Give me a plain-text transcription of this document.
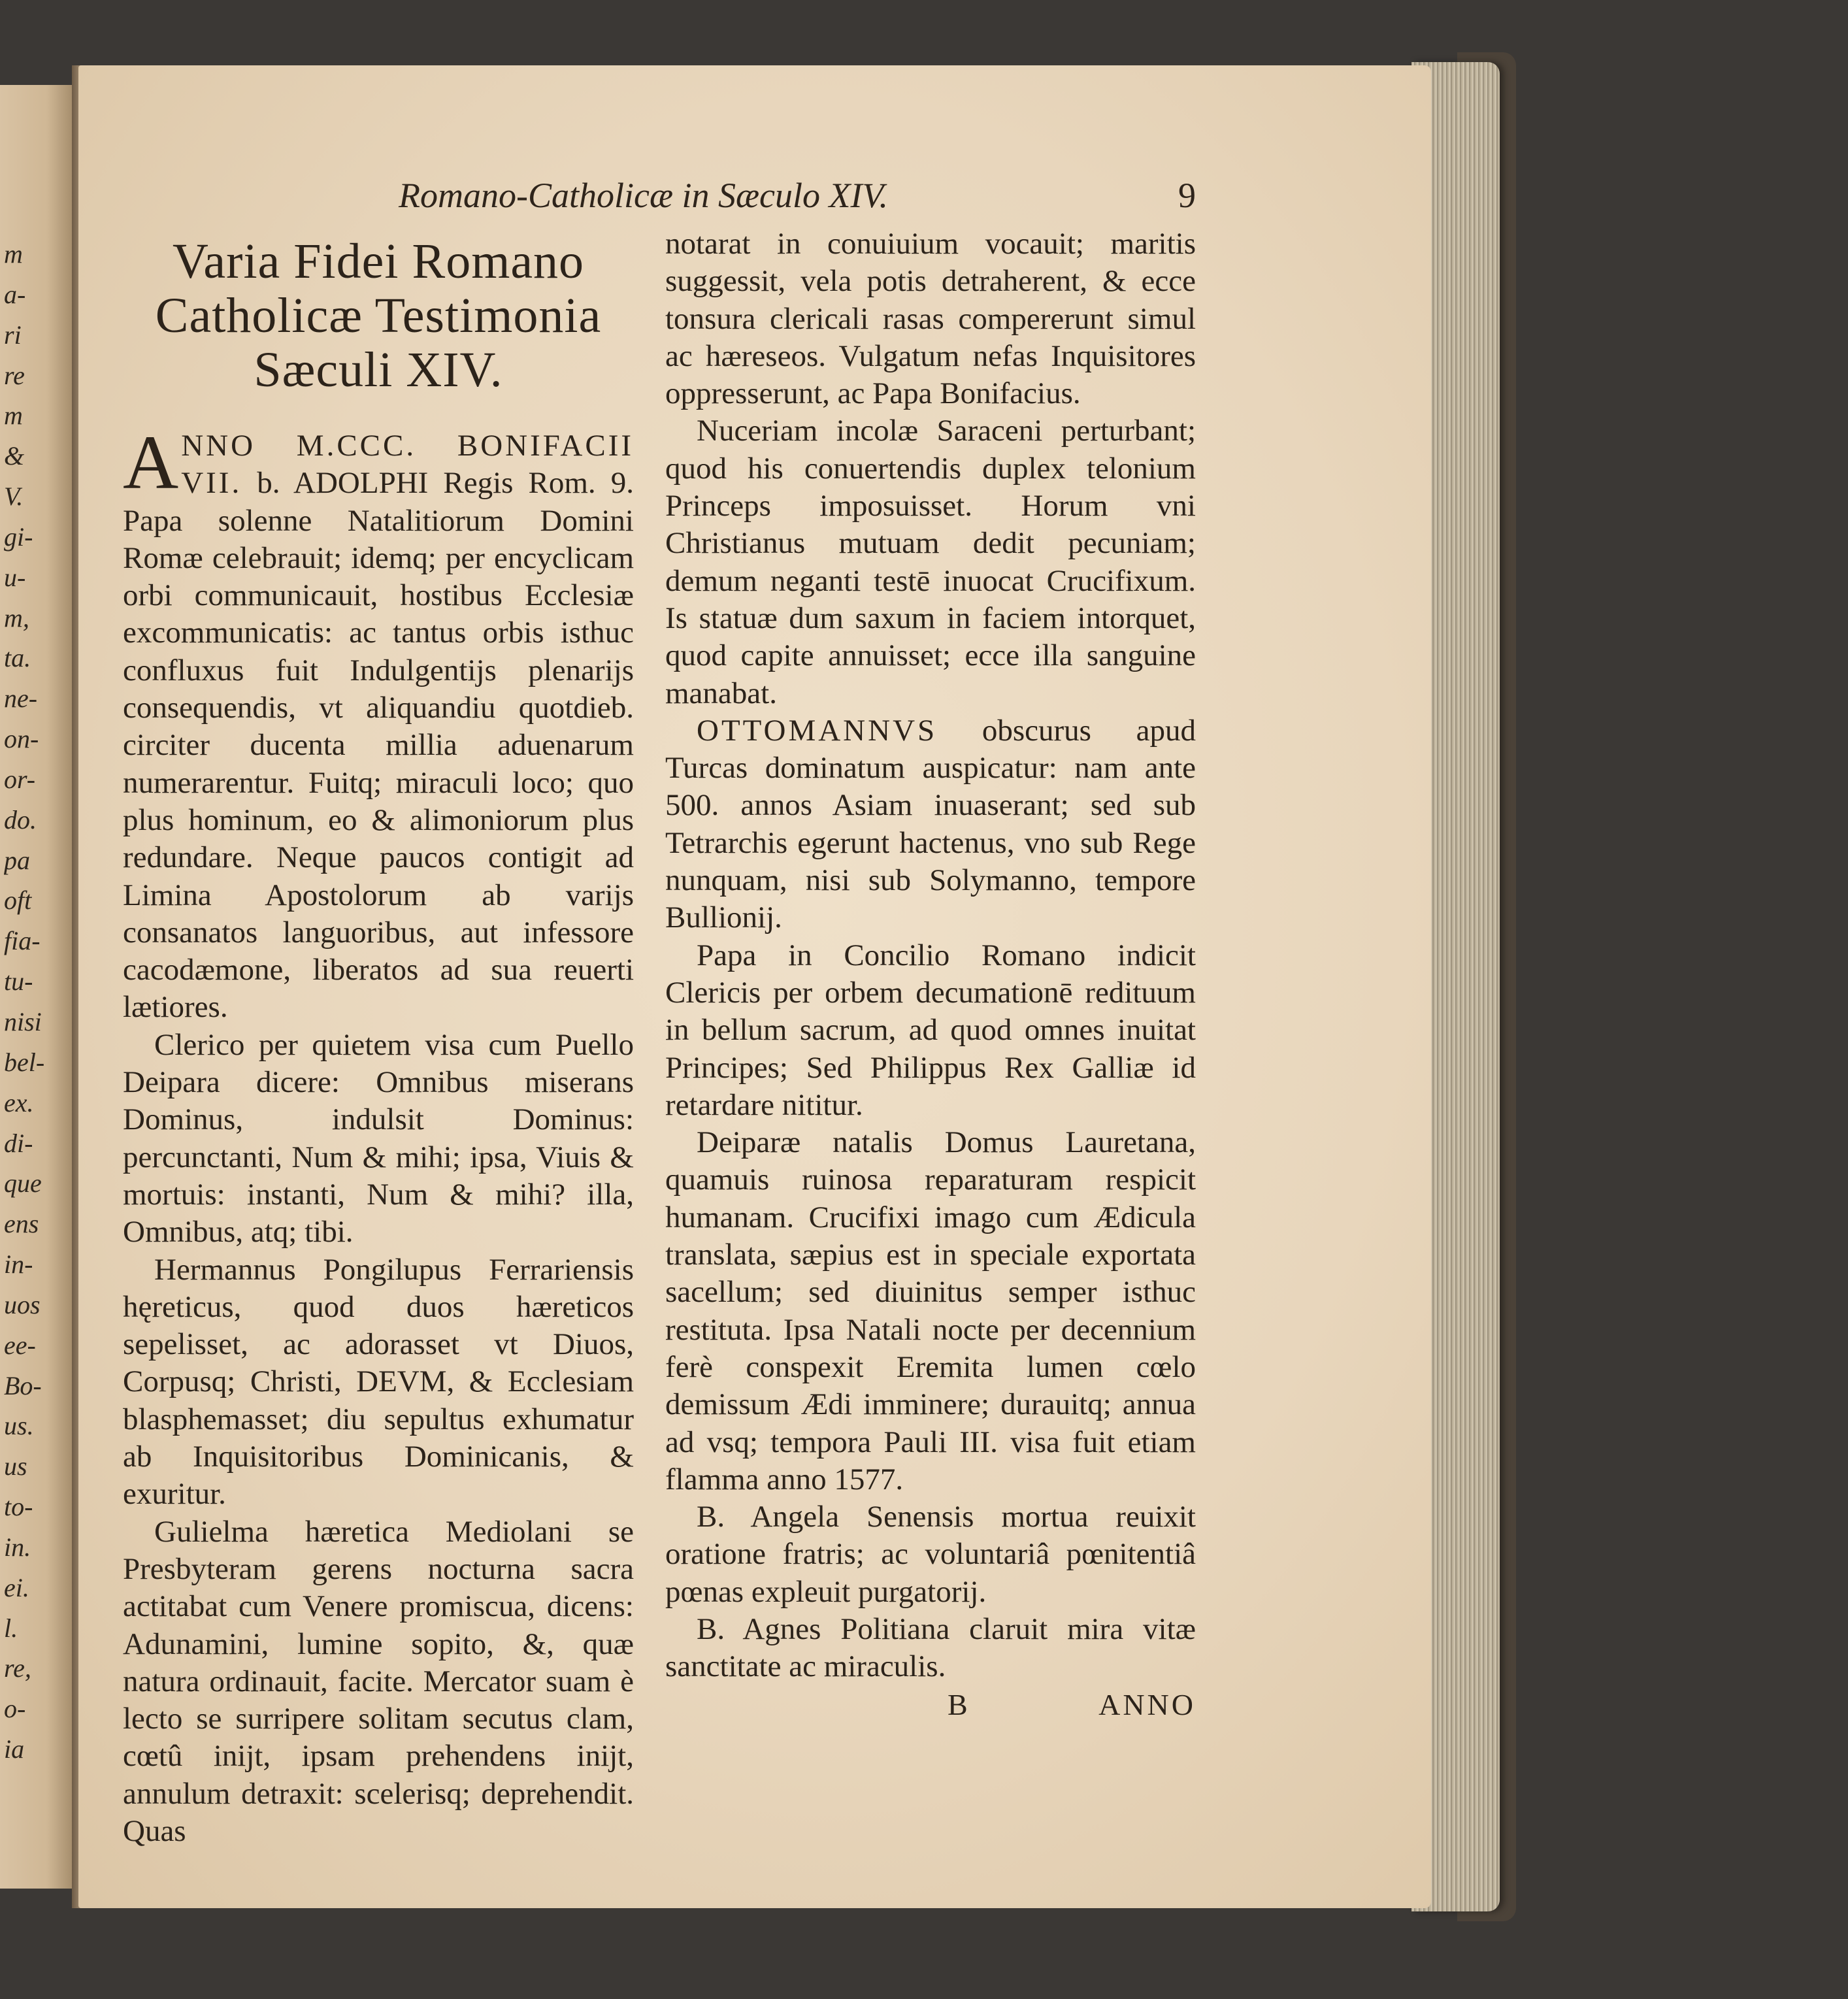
m
a-
ri
re
m
&
V.
gi-
u-
m,
ta.
ne-
on-
or-
do.
pa
oft
fia-
tu-
nisi
bel-
ex.
di-
que
ens
in-
uos
ee-
Bo-
us.
us
to-
in.
ei.
l.
re,
o-
ia
Romano-Catholicæ in Sæculo XIV.	9
Varia Fidei Romano Catholicæ Testimonia Sæculi XIV.
ANNO M.CCC. BONIFACII VII. b. ADOLPHI Regis Rom. 9. Papa solenne Natalitiorum Domini Romæ celebrauit; idemq; per encyclicam orbi communicauit, hostibus Ecclesiæ excommunicatis: ac tantus orbis isthuc confluxus fuit Indulgentijs plenarijs consequendis, vt aliquandiu quotdieb. circiter ducenta millia aduenarum numerarentur. Fuitq; miraculi loco; quo plus hominum, eo & alimoniorum plus redundare. Neque paucos contigit ad Limina Apostolorum ab varijs consanatos languoribus, aut infessore cacodæmone, liberatos ad sua reuerti lætiores.
Clerico per quietem visa cum Puello Deipara dicere: Omnibus miserans Dominus, indulsit Dominus: percunctanti, Num & mihi; ipsa, Viuis & mortuis: instanti, Num & mihi? illa, Omnibus, atq; tibi.
Hermannus Pongilupus Ferrariensis hęreticus, quod duos hæreticos sepelisset, ac adorasset vt Diuos, Corpusq; Christi, DEVM, & Ecclesiam blasphemasset; diu sepultus exhumatur ab Inquisitoribus Dominicanis, & exuritur.
Gulielma hæretica Mediolani se Presbyteram gerens nocturna sacra actitabat cum Venere promiscua, dicens: Adunamini, lumine sopito, &, quæ natura ordinauit, facite. Mercator suam è lecto se surripere solitam secutus clam, cœtû inijt, ipsam prehendens inijt, annulum detraxit: scelerisq; deprehendit. Quas
notarat in conuiuium vocauit; maritis suggessit, vela potis detraherent, & ecce tonsura clericali rasas compererunt simul ac hæreseos. Vulgatum nefas Inquisitores oppresserunt, ac Papa Bonifacius.
Nuceriam incolæ Saraceni perturbant; quod his conuertendis duplex telonium Princeps imposuisset. Horum vni Christianus mutuam dedit pecuniam; demum neganti testē inuocat Crucifixum. Is statuæ dum saxum in faciem intorquet, quod capite annuisset; ecce illa sanguine manabat.
OTTOMANNVS obscurus apud Turcas dominatum auspicatur: nam ante 500. annos Asiam inuaserant; sed sub Tetrarchis egerunt hactenus, vno sub Rege nunquam, nisi sub Solymanno, tempore Bullionij.
Papa in Concilio Romano indicit Clericis per orbem decumationē redituum in bellum sacrum, ad quod omnes inuitat Principes; Sed Philippus Rex Galliæ id retardare nititur.
Deiparæ natalis Domus Lauretana, quamuis ruinosa reparaturam respicit humanam. Crucifixi imago cum Ædicula translata, sæpius est in speciale exportata sacellum; sed diuinitus semper isthuc restituta. Ipsa Natali nocte per decennium ferè conspexit Eremita lumen cœlo demissum Ædi imminere; durauitq; annua ad vsq; tempora Pauli III. visa fuit etiam flamma anno 1577.
B. Angela Senensis mortua reuixit oratione fratris; ac voluntariâ pœnitentiâ pœnas expleuit purgatorij.
B. Agnes Politiana claruit mira vitæ sanctitate ac miraculis.
B	ANNO
